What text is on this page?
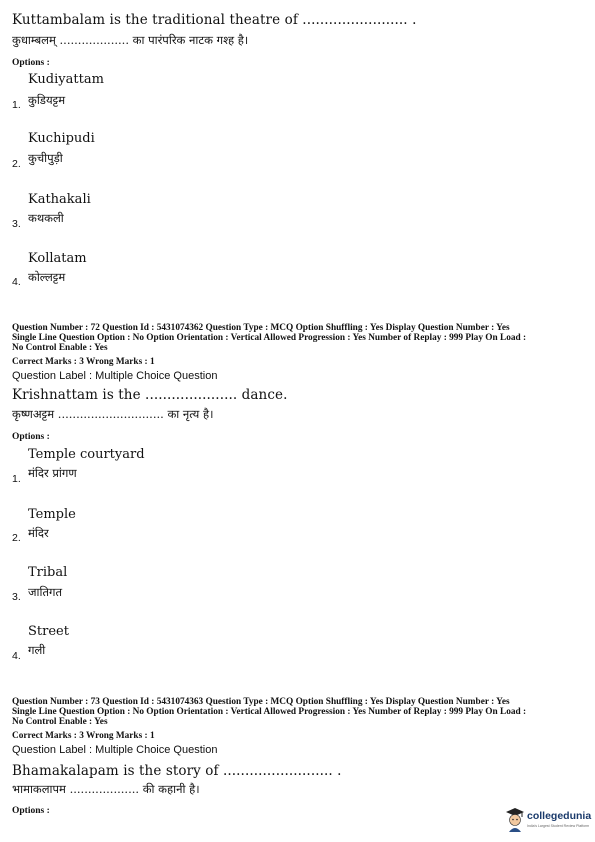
Kuttambalam is the traditional theatre of ........................ .
कुधाम्बलम् ................... का पारंपरिक नाटक गश्ह है।
Options :
Kudiyattam
1. कुडियट्टम
Kuchipudi
2. कुचीपुड़ी
Kathakali
3. कथकली
Kollatam
4. कोल्लट्टम
Question Number : 72 Question Id : 5431074362 Question Type : MCQ Option Shuffling : Yes Display Question Number : Yes
Single Line Question Option : No Option Orientation : Vertical Allowed Progression : Yes Number of Replay : 999 Play On Load :
No Control Enable : Yes
Correct Marks : 3 Wrong Marks : 1
Question Label : Multiple Choice Question
Krishnattam is the ..................... dance.
कृष्णअट्टम ............................. का नृत्य है।
Options :
Temple courtyard
1. मंदिर प्रांगण
Temple
2. मंदिर
Tribal
3. जातिगत
Street
4. गली
Question Number : 73 Question Id : 5431074363 Question Type : MCQ Option Shuffling : Yes Display Question Number : Yes
Single Line Question Option : No Option Orientation : Vertical Allowed Progression : Yes Number of Replay : 999 Play On Load :
No Control Enable : Yes
Correct Marks : 3 Wrong Marks : 1
Question Label : Multiple Choice Question
Bhamakalapam is the story of ......................... .
भामाकलापम ................... की कहानी है।
Options :	collegedunia
India's Largest Student Review Platform
